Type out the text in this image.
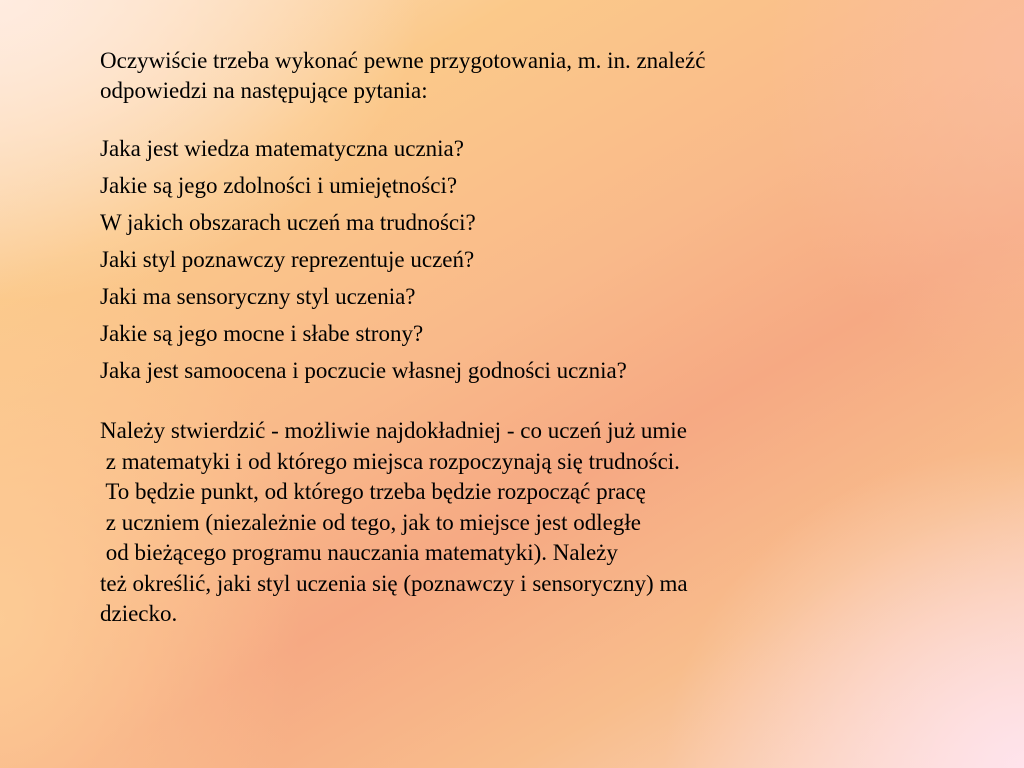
Oczywiście trzeba wykonać pewne przygotowania, m. in. znaleźć

odpowiedzi na następujące pytania:

Jaka jest wiedza matematyczna ucznia?
Jakie są jego zdolności i umiejętności?
W jakich obszarach uczeń ma trudności?
Jaki styl poznawczy reprezentuje uczeń?
Jaki ma sensoryczny styl uczenia?
Jakie są jego mocne i słabe strony?
Jaka jest samoocena i poczucie własnej godności ucznia?

Należy stwierdzić - możliwie najdokładniej - co uczeń już umie

z matematyki i od którego miejsca rozpoczynają się trudności.

To będzie punkt, od którego trzeba będzie rozpocząć pracę

z uczniem (niezależnie od tego, jak to miejsce jest odległe

od bieżącego programu nauczania matematyki). Należy

też określić, jaki styl uczenia się (poznawczy i sensoryczny) ma

dziecko.
